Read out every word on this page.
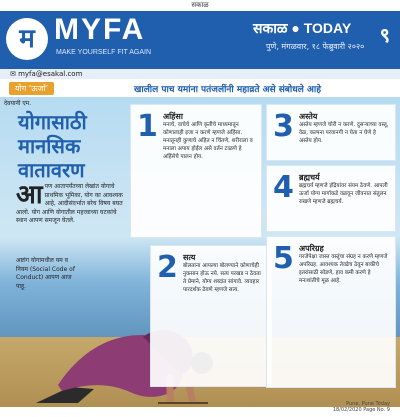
सकाळ
म MYFA
MAKE YOURSELF FIT AGAIN
सकाळ ● TODAY
पुणे, मंगळवार, १८ फेब्रुवारी २०२० ९
✉ myfa@esakal.com
योग ‘ऊर्जा’	खालील पाच यमांना पतंजलींनी महाव्रते असे संबोधले आहे
देवयानी एम.
योगासाठी
मानसिक
वातावरण
आ पण आतापर्यंतच्या लेखांत योगाचे प्राथमिक भूमिका, योग का आवश्यक आहे, आदीसंदर्भात बरेच विषय बघत आलो. योग आणि योगातील महत्त्वाच्या घटकांचे स्थान आपण समजून घेतले.
अष्टांग योगामधील यम व नियम (Social Code of Conduct) आपण आज पाहू.
1 अहिंसा
मनाचे, वाचेचे आणि कृतीचे माध्यमातून कोणालाही इजा न करणे म्हणजे अहिंसा. मनातूनही कुणाचे अहित न चिंतणे, शरीराला व मनाला अपाय होईल असे वर्तन टाळणे हे अहिंसेचे पालन होय.
2 सत्य
बोलताना आपल्या बोलण्याने कोणाचेही नुकसान होऊ नये. सत्य परखड न ठेवता ते प्रेमाने, योग्य शब्दांत सांगावे. व्यवहार पारदर्शक ठेवणे म्हणजे सत्य.
3 अस्तेय
अस्तेय म्हणजे चोरी न करणे. दुसऱ्याच्या वस्तू, वेळ, कल्पना परवानगी न घेता न घेणे हे अस्तेय होय.
4 ब्रह्मचर्य
ब्रह्मचर्य म्हणजे इंद्रियांवर संयम ठेवणे. आपली ऊर्जा योग्य मार्गाकडे वळवून जीवनात संतुलन राखणे म्हणजे ब्रह्मचर्य.
5 अपरिग्रह
गरजेपेक्षा जास्त वस्तूंचा संग्रह न करणे म्हणजे अपरिग्रह. आवश्यक तेवढेच ठेवून बाकीचे इतरांसाठी सोडणे, हाव कमी करणे हे मनःशांतीचे मूळ आहे.
Pune, Pune Today
18/02/2020 Page No. 9
